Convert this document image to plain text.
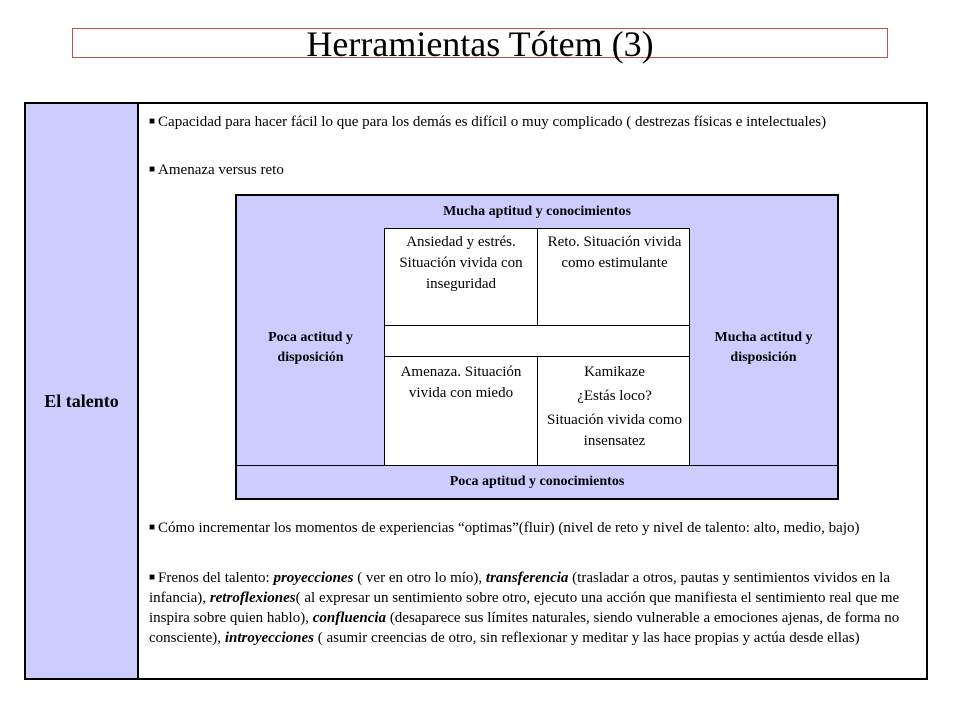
Herramientas Tótem (3)
El talento
■ Capacidad para hacer fácil lo que para los demás es difícil o muy complicado ( destrezas físicas e intelectuales)
■ Amenaza versus reto
Mucha aptitud y conocimientos
Poca actitud y disposición
Ansiedad y estrés. Situación vivida con inseguridad
Reto. Situación vivida como estimulante
Amenaza. Situación vivida con miedo

Kamikaze

¿Estás loco?

Situación vivida como insensatez

Mucha actitud y disposición
Poca aptitud y conocimientos
■ Cómo incrementar los momentos de experiencias “optimas”(fluir) (nivel de reto y nivel de talento: alto, medio, bajo)
■ Frenos del talento: proyecciones ( ver en otro lo mío), transferencia (trasladar a otros, pautas y sentimientos vividos en la infancia), retroflexiones( al expresar un sentimiento sobre otro, ejecuto una acción que manifiesta el sentimiento real que me inspira sobre quien hablo), confluencia (desaparece sus límites naturales, siendo vulnerable a emociones ajenas, de forma no consciente), introyecciones ( asumir creencias de otro, sin reflexionar y meditar y las hace propias y actúa desde ellas)
